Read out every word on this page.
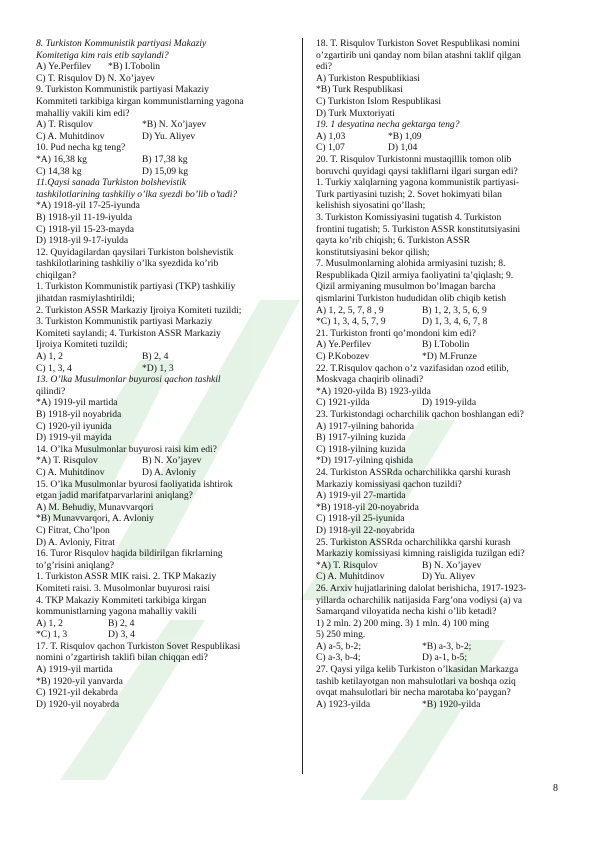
8. Turkiston Kommunistik partiyasi Makaziy
Komitetiga kim rais etib saylandi?
A) Ye.Perfilev	*B) I.Tobolin
C) T. Risqulov D) N. Xo’jayev
9. Turkiston Kommunistik partiyasi Makaziy
Kommiteti tarkibiga kirgan kommunistlarning yagona
mahalliy vakili kim edi?
A) T. Risqulov	*B) N. Xo’jayev
C) A. Muhitdinov	D) Yu. Aliyev
10. Pud necha kg teng?
*A) 16,38 kg	B) 17,38 kg
C) 14,38 kg	D) 15,09 kg
11.Qaysi sanada Turkiston bolshevistik
tashkilotlarining tashkiliy o’lka syezdi bo’lib o’tadi?
*A) 1918-yil 17-25-iyunda
B) 1918-yil 11-19-iyulda
C) 1918-yil 15-23-mayda
D) 1918-yil 9-17-iyulda
12. Quyidagilardan qaysilari Turkiston bolshevistik
tashkilotlarining tashkiliy o’lka syezdida ko’rib
chiqilgan?
1. Turkiston Kommunistik partiyasi (TKP) tashkiliy
jihatdan rasmiylashtirildi;
2. Turkiston ASSR Markaziy Ijroiya Komiteti tuzildi;
3. Turkiston Kommunistik partiyasi Markaziy
Komiteti saylandi; 4. Turkiston ASSR Markaziy
Ijroiya Komiteti tuzildi;
A) 1, 2	B) 2, 4
C) 1, 3, 4	*D) 1, 3
13. O’lka Musulmonlar buyurosi qachon tashkil
qilindi?
*A) 1919-yil martida
B) 1918-yil noyabrida
C) 1920-yil iyunida
D) 1919-yil mayida
14. O’lka Musulmonlar buyurosi raisi kim edi?
*A) T. Risqulov	B) N. Xo’jayev
C) A. Muhitdinov	D) A. Avloniy
15. O’lka Musulmonlar byurosi faoliyatida ishtirok
etgan jadid marifatparvarlarini aniqlang?
A) M. Behudiy, Munavvarqori
*B) Munavvarqori, A. Avloniy
C) Fitrat, Cho’lpon
D) A. Avloniy, Fitrat
16. Turor Risqulov haqida bildirilgan fikrlarning
to’g’risini aniqlang?
1. Turkiston ASSR MIK raisi. 2. TKP Makaziy
Komiteti raisi. 3. Musolmonlar buyurosi raisi
4. TKP Makaziy Kommiteti tarkibiga kirgan
kommunistlarning yagona mahalliy vakili
A) 1, 2	B) 2, 4
*C) 1, 3	D) 3, 4
17. T. Risqulov qachon Turkiston Sovet Respublikasi
nomini o’zgartirish taklifi bilan chiqqan edi?
A) 1919-yil martida
*B) 1920-yil yanvarda
C) 1921-yil dekabrda
D) 1920-yil noyabrda
18. T. Risqulov Turkiston Sovet Respublikasi nomini
o’zgartirib uni qanday nom bilan atashni taklif qilgan
edi?
A) Turkiston Respublikiasi
*B) Turk Respublikasi
C) Turkiston Islom Respublikasi
D) Turk Muxtoriyati
19. 1 desyatina necha gektarga teng?
A) 1,03	*B) 1,09
C) 1,07	D) 1,04
20. T. Risqulov Turkistonni mustaqillik tomon olib
boruvchi quyidagi qaysi takliflarni ilgari surgan edi?
1. Turkiy xalqlarning yagona kommunistik partiyasi-
Turk partiyasini tuzish; 2. Sovet hokimyati bilan
kelishish siyosatini qo’llash;
3. Turkiston Komissiyasini tugatish 4. Turkiston
frontini tugatish; 5. Turkiston ASSR konstitutsiyasini
qayta ko’rib chiqish; 6. Turkiston ASSR
konstitutsiyasini bekor qilish;
7. Musulmonlarning alohida armiyasini tuzish; 8.
Respublikada Qizil armiya faoliyatini ta’qiqlash; 9.
Qizil armiyaning musulmon bo’lmagan barcha
qismlarini Turkiston hududidan olib chiqib ketish
A) 1, 2, 5, 7, 8 , 9	B) 1, 2, 3, 5, 6, 9
*C) 1, 3, 4, 5, 7, 9	D) 1, 3, 4, 6, 7, 8
21. Turkiston fronti qo’mondoni kim edi?
A) Ye.Perfilev	B) I.Tobolin
C) P.Kobozev	*D) M.Frunze
22. T.Risqulov qachon o’z vazifasidan ozod etilib,
Moskvaga chaqirib olinadi?
*A) 1920-yilda B) 1923-yilda
C) 1921-yilda	D) 1919-yilda
23. Turkistondagi ocharchilik qachon boshlangan edi?
A) 1917-yilning bahorida
B) 1917-yilning kuzida
C) 1918-yilning kuzida
*D) 1917-yilning qishida
24. Turkiston ASSRda ocharchilikka qarshi kurash
Markaziy komissiyasi qachon tuzildi?
A) 1919-yil 27-martida
*B) 1918-yil 20-noyabrida
C) 1918-yil 25-iyunida
D) 1918-yil 22-noyabrida
25. Turkiston ASSRda ocharchilikka qarshi kurash
Markaziy komissiyasi kimning raisligida tuzilgan edi?
*A) T. Risqulov	B) N. Xo’jayev
C) A. Muhitdinov	D) Yu. Aliyev
26. Arxiv hujjatlarining dalolat berishicha, 1917-1923-
yillarda ocharchilik natijasida Farg’ona vodiysi (a) va
Samarqand viloyatida necha kishi o’lib ketadi?
1) 2 mln. 2) 200 ming. 3) 1 mln. 4) 100 ming
5) 250 ming.
A) a-5, b-2;	*B) a-3, b-2;
C) a-3, b-4;	D) a-1, b-5;
27. Qaysi yilga kelib Turkiston o’lkasidan Markazga
tashib ketilayotgan non mahsulotlari va boshqa oziq
ovqat mahsulotlari bir necha marotaba ko’paygan?
A) 1923-yilda	*B) 1920-yilda
8
